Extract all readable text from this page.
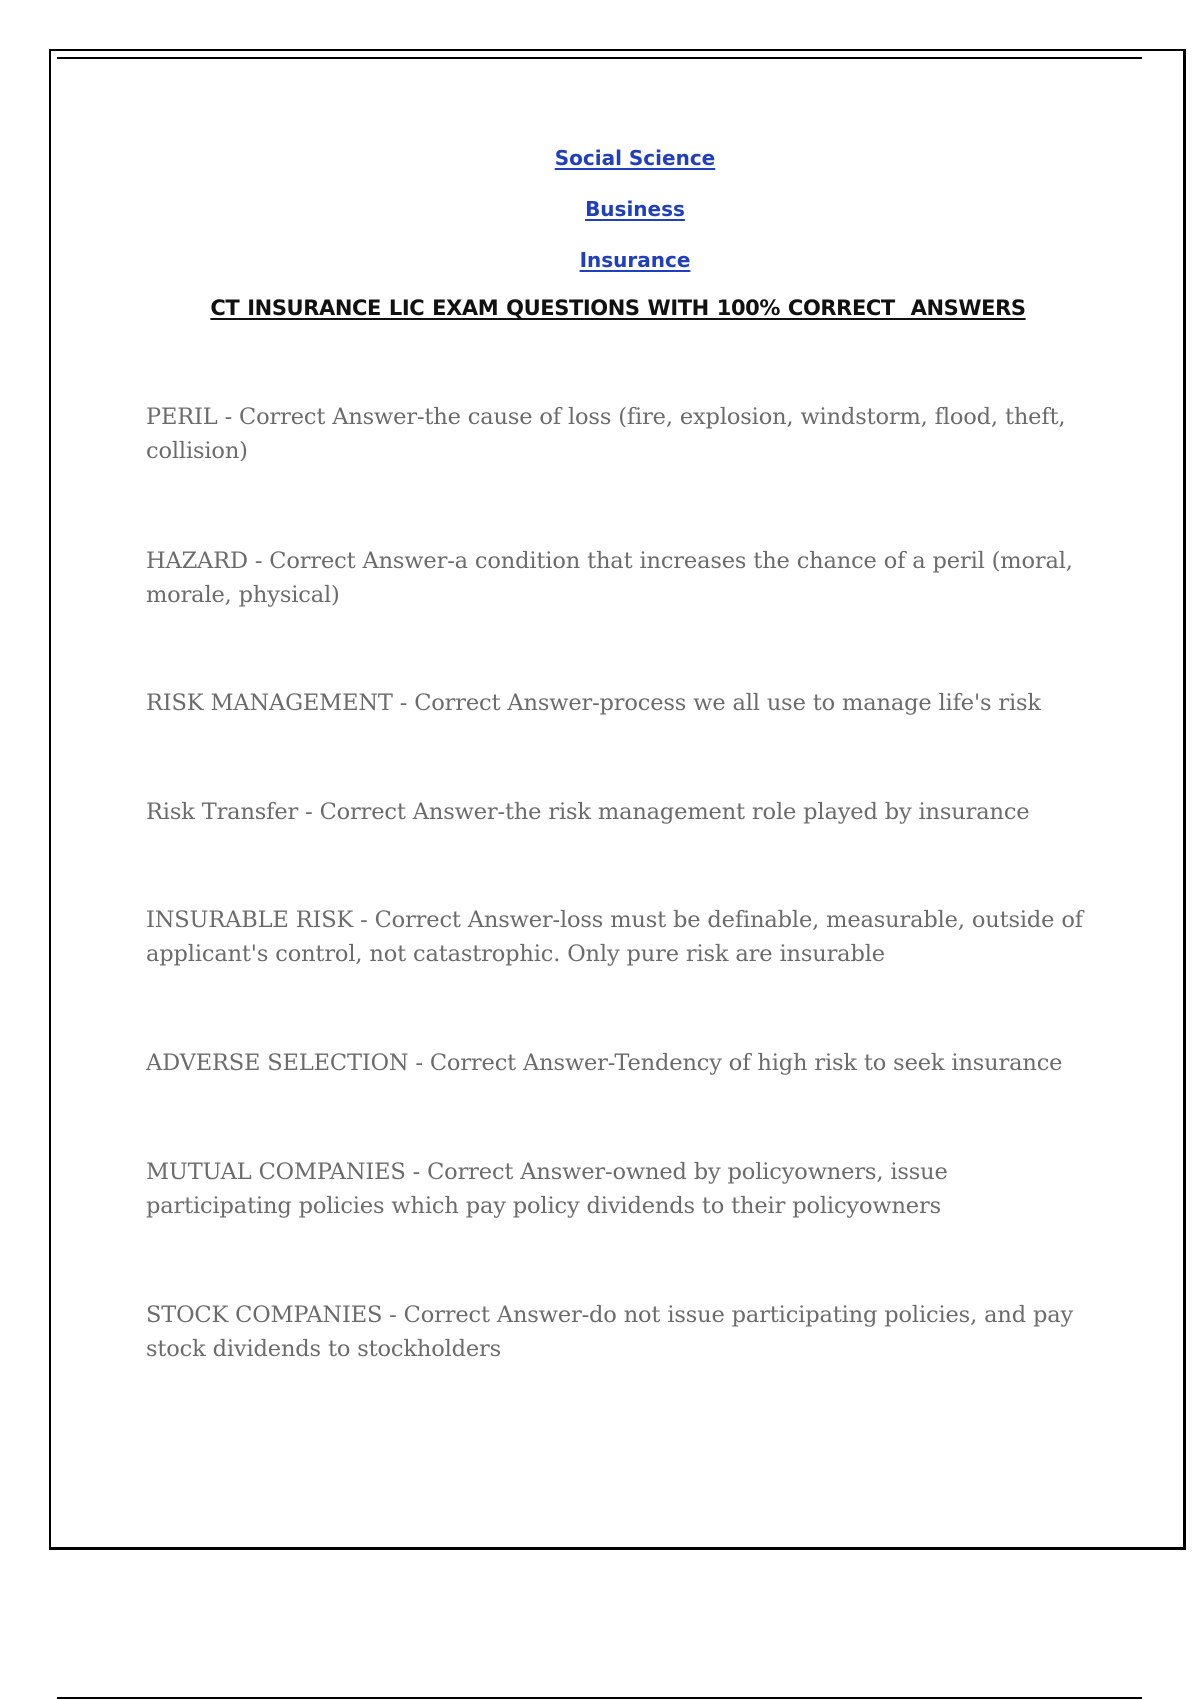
Social Science
Business
Insurance
CT INSURANCE LIC EXAM QUESTIONS WITH 100% CORRECT  ANSWERS
PERIL - Correct Answer-the cause of loss (fire, explosion, windstorm, flood, theft, collision)
HAZARD - Correct Answer-a condition that increases the chance of a peril (moral, morale, physical)
RISK MANAGEMENT - Correct Answer-process we all use to manage life's risk
Risk Transfer - Correct Answer-the risk management role played by insurance
INSURABLE RISK - Correct Answer-loss must be definable, measurable, outside of applicant's control, not catastrophic. Only pure risk are insurable
ADVERSE SELECTION - Correct Answer-Tendency of high risk to seek insurance
MUTUAL COMPANIES - Correct Answer-owned by policyowners, issue participating policies which pay policy dividends to their policyowners
STOCK COMPANIES - Correct Answer-do not issue participating policies, and pay stock dividends to stockholders
